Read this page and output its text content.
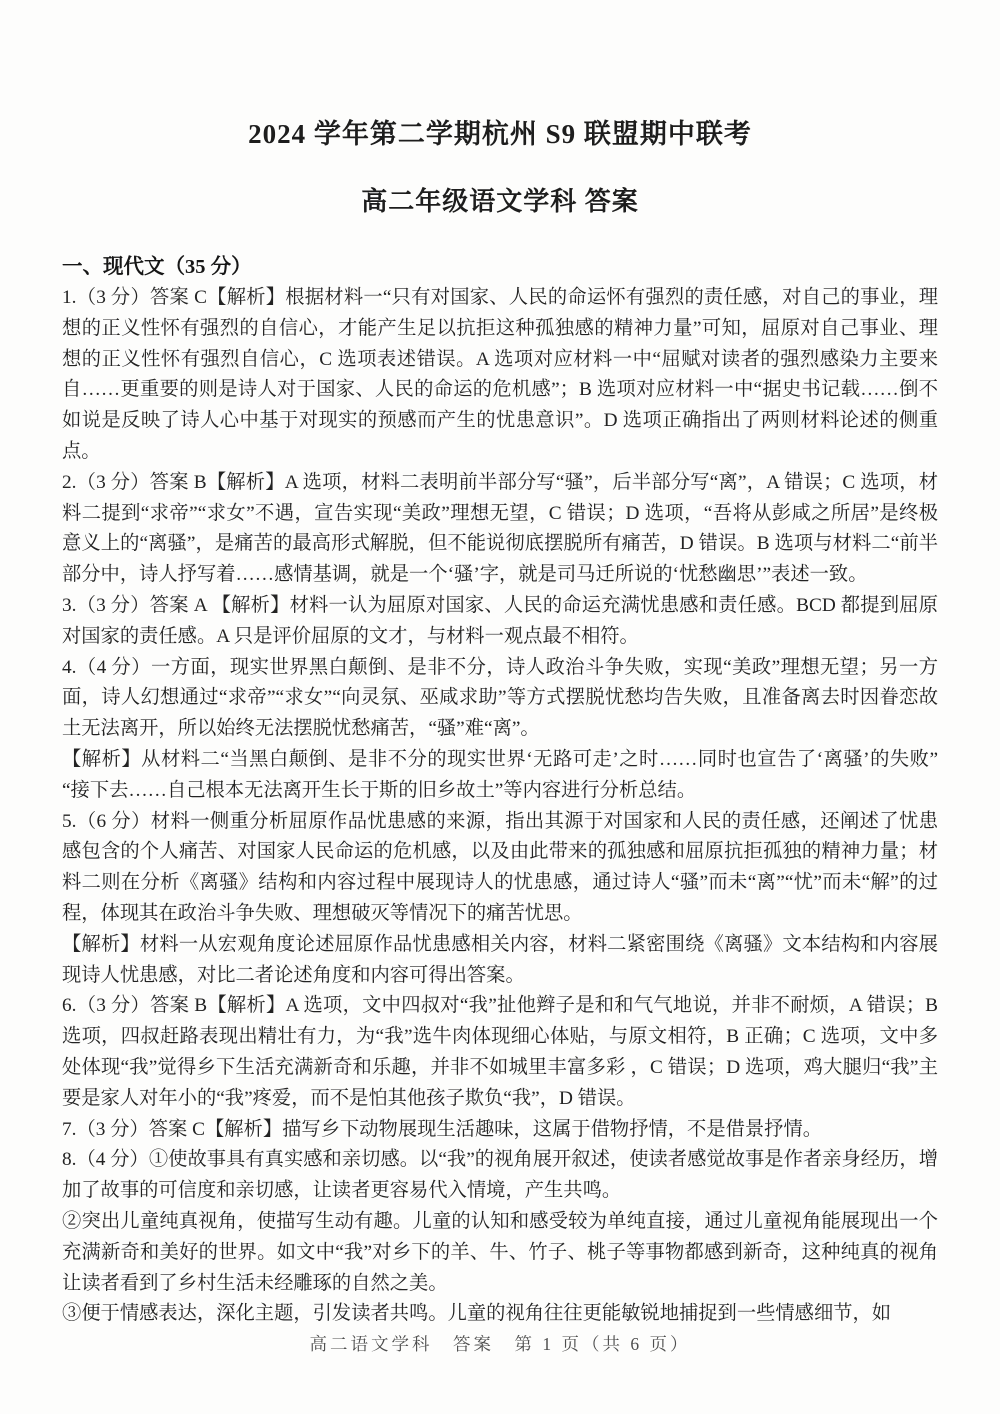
2024 学年第二学期杭州 S9 联盟期中联考
高二年级语文学科 答案
一、现代文（35 分）

1.（3 分）答案 C【解析】根据材料一“只有对国家、人民的命运怀有强烈的责任感，对自己的事业，理想的正义性怀有强烈的自信心，才能产生足以抗拒这种孤独感的精神力量”可知，屈原对自己事业、理想的正义性怀有强烈自信心，C 选项表述错误。A 选项对应材料一中“屈赋对读者的强烈感染力主要来自……更重要的则是诗人对于国家、人民的命运的危机感”；B 选项对应材料一中“据史书记载……倒不如说是反映了诗人心中基于对现实的预感而产生的忧患意识”。D 选项正确指出了两则材料论述的侧重点。

2.（3 分）答案 B【解析】A 选项，材料二表明前半部分写“骚”，后半部分写“离”，A 错误；C 选项，材料二提到“求帝”“求女”不遇，宣告实现“美政”理想无望，C 错误；D 选项，“吾将从彭咸之所居”是终极意义上的“离骚”，是痛苦的最高形式解脱，但不能说彻底摆脱所有痛苦，D 错误。B 选项与材料二“前半部分中，诗人抒写着……感情基调，就是一个‘骚’字，就是司马迁所说的‘忧愁幽思’”表述一致。

3.（3 分）答案 A 【解析】材料一认为屈原对国家、人民的命运充满忧患感和责任感。BCD 都提到屈原对国家的责任感。A 只是评价屈原的文才，与材料一观点最不相符。

4.（4 分）一方面，现实世界黑白颠倒、是非不分，诗人政治斗争失败，实现“美政”理想无望；另一方面，诗人幻想通过“求帝”“求女”“向灵氛、巫咸求助”等方式摆脱忧愁均告失败，且准备离去时因眷恋故土无法离开，所以始终无法摆脱忧愁痛苦，“骚”难“离”。

【解析】从材料二“当黑白颠倒、是非不分的现实世界‘无路可走’之时……同时也宣告了‘离骚’的失败”“接下去……自己根本无法离开生长于斯的旧乡故土”等内容进行分析总结。

5.（6 分）材料一侧重分析屈原作品忧患感的来源，指出其源于对国家和人民的责任感，还阐述了忧患感包含的个人痛苦、对国家人民命运的危机感，以及由此带来的孤独感和屈原抗拒孤独的精神力量；材料二则在分析《离骚》结构和内容过程中展现诗人的忧患感，通过诗人“骚”而未“离”“忧”而未“解”的过程，体现其在政治斗争失败、理想破灭等情况下的痛苦忧思。

【解析】材料一从宏观角度论述屈原作品忧患感相关内容，材料二紧密围绕《离骚》文本结构和内容展现诗人忧患感，对比二者论述角度和内容可得出答案。

6.（3 分）答案 B【解析】A 选项，文中四叔对“我”扯他辫子是和和气气地说，并非不耐烦，A 错误；B 选项，四叔赶路表现出精壮有力，为“我”选牛肉体现细心体贴，与原文相符，B 正确；C 选项，文中多处体现“我”觉得乡下生活充满新奇和乐趣，并非不如城里丰富多彩 ，C 错误；D 选项，鸡大腿归“我”主要是家人对年小的“我”疼爱，而不是怕其他孩子欺负“我”，D 错误。

7.（3 分）答案 C【解析】描写乡下动物展现生活趣味，这属于借物抒情，不是借景抒情。

8.（4 分）①使故事具有真实感和亲切感。以“我”的视角展开叙述，使读者感觉故事是作者亲身经历，增加了故事的可信度和亲切感，让读者更容易代入情境，产生共鸣。

②突出儿童纯真视角，使描写生动有趣。儿童的认知和感受较为单纯直接，通过儿童视角能展现出一个充满新奇和美好的世界。如文中“我”对乡下的羊、牛、竹子、桃子等事物都感到新奇，这种纯真的视角让读者看到了乡村生活未经雕琢的自然之美。

③便于情感表达，深化主题，引发读者共鸣。儿童的视角往往更能敏锐地捕捉到一些情感细节，如

高二语文学科　答案　第 1 页（共 6 页）
